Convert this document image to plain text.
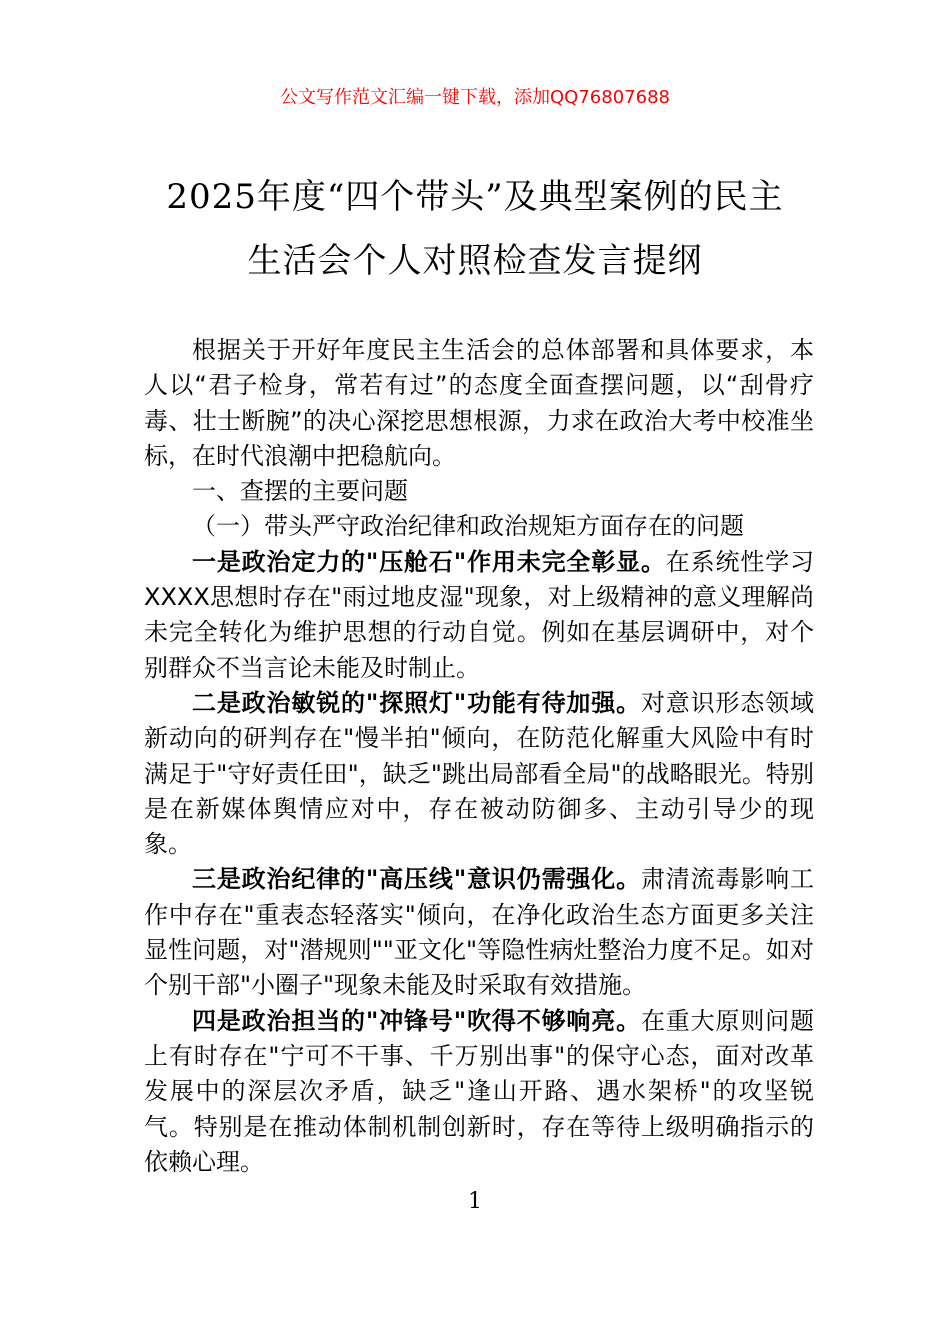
公文写作范文汇编一键下载，添加QQ76807688
2025年度“四个带头”及典型案例的民主
生活会个人对照检查发言提纲

根据关于开好年度民主生活会的总体部署和具体要求，本人以“君子检身，常若有过”的态度全面查摆问题，以“刮骨疗毒、壮士断腕”的决心深挖思想根源，力求在政治大考中校准坐标，在时代浪潮中把稳航向。

一、查摆的主要问题

（一）带头严守政治纪律和政治规矩方面存在的问题

一是政治定力的"压舱石"作用未完全彰显。在系统性学习XXXX思想时存在"雨过地皮湿"现象，对上级精神的意义理解尚未完全转化为维护思想的行动自觉。例如在基层调研中，对个别群众不当言论未能及时制止。

二是政治敏锐的"探照灯"功能有待加强。对意识形态领域新动向的研判存在"慢半拍"倾向，在防范化解重大风险中有时满足于"守好责任田"，缺乏"跳出局部看全局"的战略眼光。特别是在新媒体舆情应对中，存在被动防御多、主动引导少的现象。

三是政治纪律的"高压线"意识仍需强化。肃清流毒影响工作中存在"重表态轻落实"倾向，在净化政治生态方面更多关注显性问题，对"潜规则""亚文化"等隐性病灶整治力度不足。如对个别干部"小圈子"现象未能及时采取有效措施。

四是政治担当的"冲锋号"吹得不够响亮。在重大原则问题上有时存在"宁可不干事、千万别出事"的保守心态，面对改革发展中的深层次矛盾，缺乏"逢山开路、遇水架桥"的攻坚锐气。特别是在推动体制机制创新时，存在等待上级明确指示的依赖心理。

1
